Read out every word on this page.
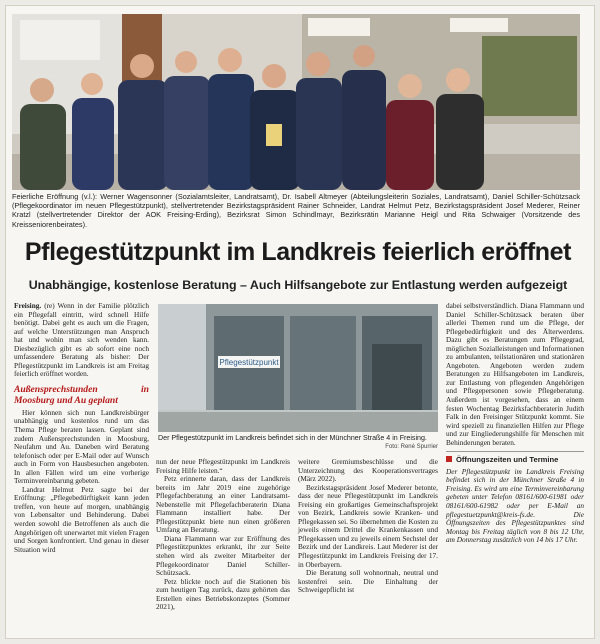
Feierliche Eröffnung (v.l.): Werner Wagensonner (Sozialamtsleiter, Landratsamt), Dr. Isabell Altmeyer (Abteilungsleiterin Soziales, Landratsamt), Daniel Schiller-Schützsack (Pflegekoordinator im neuen Pflegestützpunkt), stellvertretender Bezirkstagspräsident Rainer Schneider, Landrat Helmut Petz, Bezirkstagspräsident Josef Mederer, Reiner Kratzl (stellvertretender Direktor der AOK Freising-Erding), Bezirksrat Simon Schindlmayr, Bezirksrätin Marianne Heigl und Rita Schwaiger (Vorsitzende des Kreisseniorenbeirates).
Pflegestützpunkt im Landkreis feierlich eröffnet
Unabhängige, kostenlose Beratung – Auch Hilfsangebote zur Entlastung werden aufgezeigt

Freising. (re) Wenn in der Familie plötzlich ein Pflegefall eintritt, wird schnell Hilfe benötigt. Dabei geht es auch um die Fragen, auf welche Unterstützungen man Anspruch hat und wohin man sich wenden kann. Diesbezüglich gibt es ab sofort eine noch umfassendere Beratung als bisher: Der Pflegestützpunkt im Landkreis ist am Freitag feierlich eröffnet worden.

Außensprechstunden in Moosburg und Au geplant

Hier können sich nun Landkreisbürger unabhängig und kostenlos rund um das Thema Pflege beraten lassen. Geplant sind zudem Außensprechstunden in Moosburg, Neufahrn und Au. Daneben wird Beratung telefonisch oder per E-Mail oder auf Wunsch auch in Form von Hausbesuchen angeboten. In allen Fällen wird um eine vorherige Terminvereinbarung gebeten.

Landrat Helmut Petz sagte bei der Eröffnung: „Pflegebedürftigkeit kann jeden treffen, von heute auf morgen, unabhängig von Lebensalter und Behinderung. Dabei werden sowohl die Betroffenen als auch die Angehörigen oft unerwartet mit vielen Fragen und Sorgen konfrontiert. Und genau in dieser Situation wird

Pflegestützpunkt
Der Pflegestützpunkt im Landkreis befindet sich in der Münchner Straße 4 in Freising.
Foto: René Spurrier

nun der neue Pflegestützpunkt im Landkreis Freising Hilfe leisten.“

Petz erinnerte daran, dass der Landkreis bereits im Jahr 2019 eine zugehörige Pflegefachberatung an einer Landratsamt-Nebenstelle mit Pflegefachberaterin Diana Flammann installiert habe. Der Pflegestützpunkt biete nun einen größeren Umfang an Beratung.

Diana Flammann war zur Eröffnung des Pflegestützpunktes erkrankt, ihr zur Seite stehen wird als zweiter Mitarbeiter der Pflegekoordinator Daniel Schiller-Schützsack.

Petz blickte noch auf die Stationen bis zum heutigen Tag zurück, dazu gehörten das Erstellen eines Betriebskonzeptes (Sommer 2021),

weitere Gremiumsbeschlüsse und die Unterzeichnung des Kooperationsvertrages (März 2022).

Bezirkstagspräsident Josef Mederer betonte, dass der neue Pflegestützpunkt im Landkreis Freising ein großartiges Gemeinschaftsprojekt von Bezirk, Landkreis sowie Kranken- und Pflegekassen sei. So übernehmen die Kosten zu jeweils einem Drittel die Krankenkassen und Pflegekassen und zu jeweils einem Sechstel der Bezirk und der Landkreis. Laut Mederer ist der Pflegestützpunkt im Landkreis Freising der 17. in Oberbayern.

Die Beratung soll wohnortnah, neutral und kostenfrei sein. Die Einhaltung der Schweigepflicht ist

dabei selbstverständlich. Diana Flammann und Daniel Schiller-Schützsack beraten über allerlei Themen rund um die Pflege, der Pflegebedürftigkeit und des Älterwerdens. Dazu gibt es Beratungen zum Pflegegrad, möglichen Sozialleistungen und Informationen zu ambulanten, teilstationären und stationären Angeboten. Angeboten werden zudem Beratungen zu Hilfsangeboten im Landkreis, zur Entlastung von pflegenden Angehörigen und Pflegepersonen sowie Pflegeberatung. Außerdem ist vorgesehen, dass an einem festen Wochentag Bezirksfachberaterin Judith Falk in den Freisinger Stützpunkt kommt. Sie wird speziell zu finanziellen Hilfen zur Pflege und zur Eingliederungshilfe für Menschen mit Behinderungen beraten.

Öffnungszeiten und Termine

Der Pflegestützpunkt im Landkreis Freising befindet sich in der Münchner Straße 4 in Freising. Es wird um eine Terminvereinbarung gebeten unter Telefon 08161/600-61981 oder 08161/600-61982 oder per E-Mail an pflegestuetzpunkt@kreis-fs.de. Die Öffnungszeiten des Pflegestützpunktes sind Montag bis Freitag täglich von 8 bis 12 Uhr, am Donnerstag zusätzlich von 14 bis 17 Uhr.
